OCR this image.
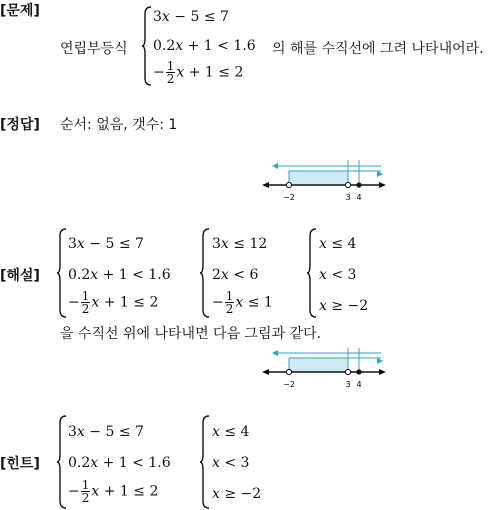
[문제]
연립부등식
3x − 5 ≤ 7
0.2x + 1 < 1.6
− $\frac{1}{2}$ x + 1 ≤ 2
의 해를 수직선에 그려 나타내어라.
[정답] 순서: 없음, 갯수: 1
−2	3 4
[해설]
3x − 5 ≤ 7
0.2x + 1 < 1.6
− $\frac{1}{2}$ x + 1 ≤ 2
3x ≤ 12
2x < 6
− $\frac{1}{2}$ x ≤ 1
x ≤ 4
x < 3
x ≥ −2
을 수직선 위에 나타내면 다음 그림과 같다.
−2	3 4
[힌트]
3x − 5 ≤ 7
0.2x + 1 < 1.6
− $\frac{1}{2}$ x + 1 ≤ 2
x ≤ 4
x < 3
x ≥ −2
